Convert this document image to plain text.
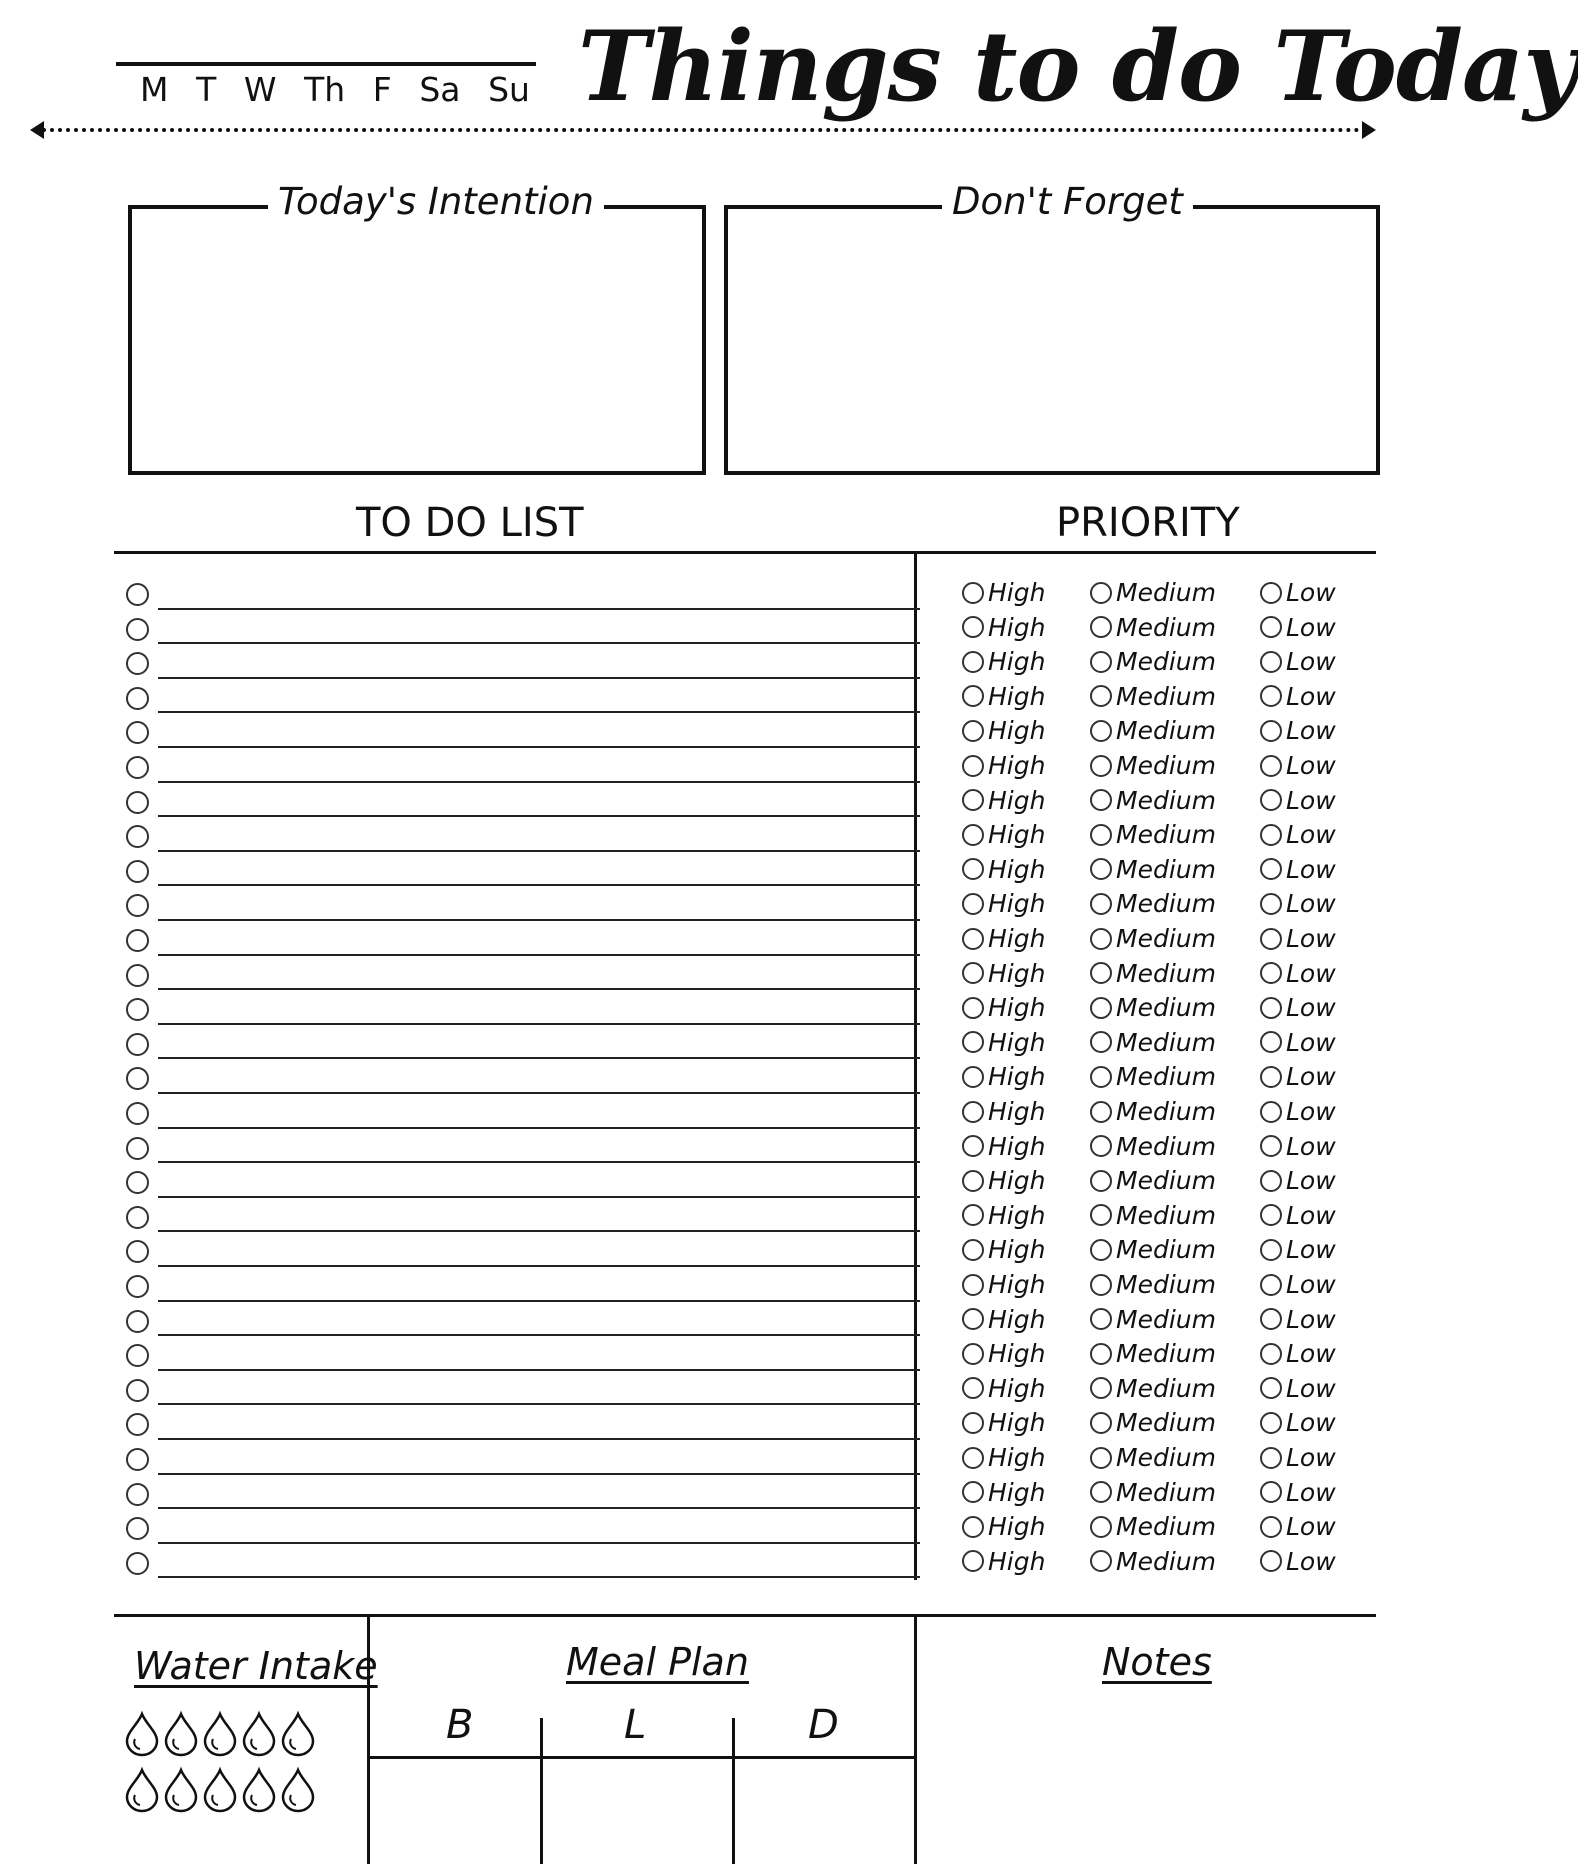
M T W Th F Sa Su Things to do Today
Today's Intention	Don't Forget
TO DO LIST	PRIORITY
High	Medium	Low
High	Medium	Low
High	Medium	Low
High	Medium	Low
High	Medium	Low
High	Medium	Low
High	Medium	Low
High	Medium	Low
High	Medium	Low
High	Medium	Low
High	Medium	Low
High	Medium	Low
High	Medium	Low
High	Medium	Low
High	Medium	Low
High	Medium	Low
High	Medium	Low
High	Medium	Low
High	Medium	Low
High	Medium	Low
High	Medium	Low
High	Medium	Low
High	Medium	Low
High	Medium	Low
High	Medium	Low
High	Medium	Low
High	Medium	Low
High	Medium	Low
High	Medium	Low
Water Intake	Meal Plan
B	L	D
Notes
